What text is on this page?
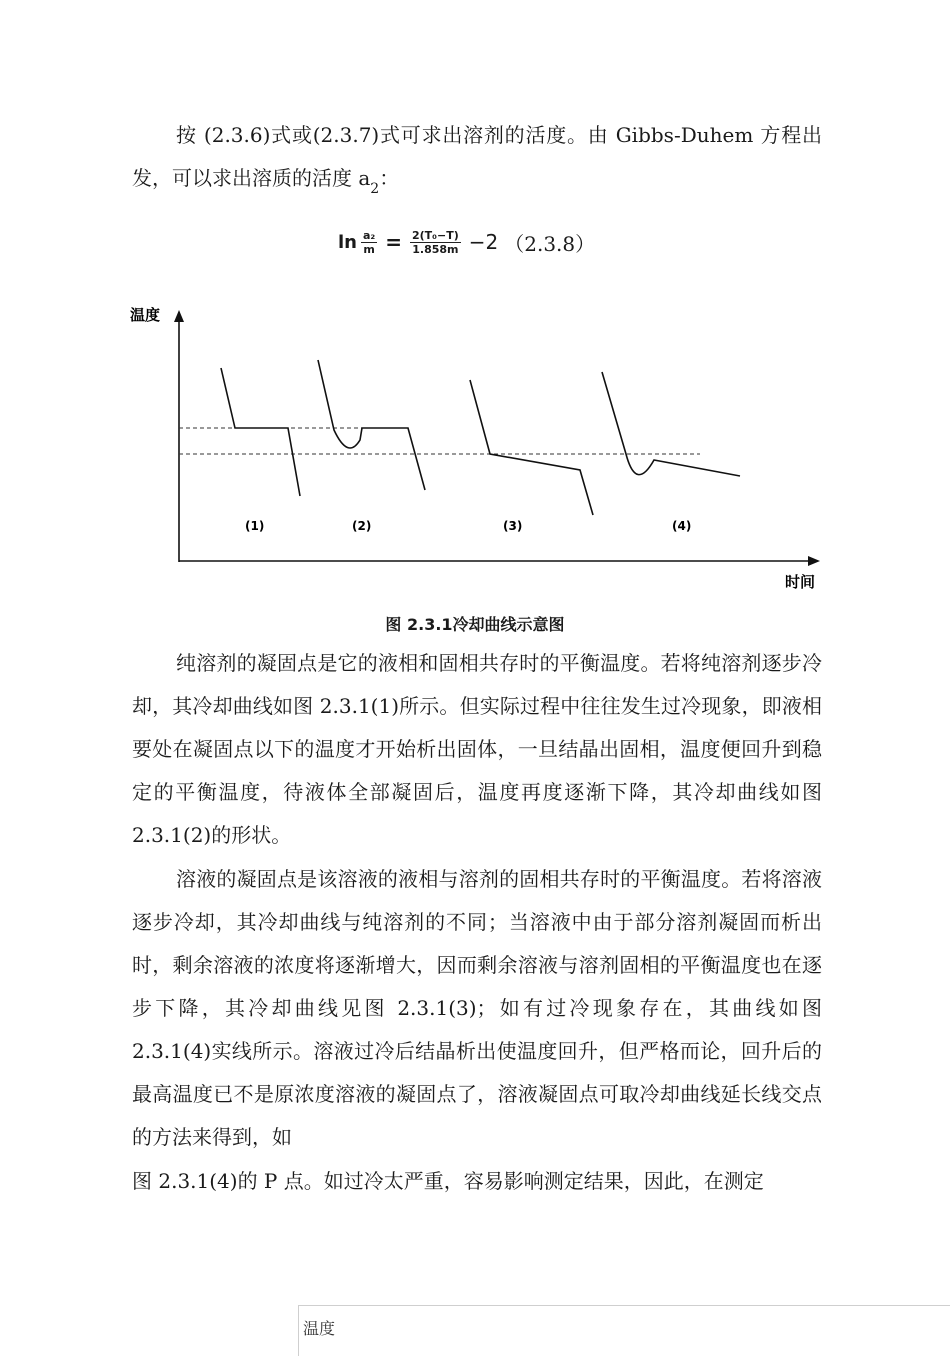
按 (2.3.6)式或(2.3.7)式可求出溶剂的活度。由 Gibbs-Duhem 方程出发，可以求出溶质的活度 $a_2$：

$\ln \frac{\text{a₂}}{m} = \frac{\text{2(T₀−T)}}{1.858m} -2$ （2.3.8）
温度
时间
(1)	(2)	(3)	(4)
图 2.3.1冷却曲线示意图

纯溶剂的凝固点是它的液相和固相共存时的平衡温度。若将纯溶剂逐步冷却，其冷却曲线如图 2.3.1(1)所示。但实际过程中往往发生过冷现象，即液相要处在凝固点以下的温度才开始析出固体，一旦结晶出固相，温度便回升到稳定的平衡温度，待液体全部凝固后，温度再度逐渐下降，其冷却曲线如图 2.3.1(2)的形状。

溶液的凝固点是该溶液的液相与溶剂的固相共存时的平衡温度。若将溶液逐步冷却，其冷却曲线与纯溶剂的不同；当溶液中由于部分溶剂凝固而析出时，剩余溶液的浓度将逐渐增大，因而剩余溶液与溶剂固相的平衡温度也在逐步下降，其冷却曲线见图 2.3.1(3)；如有过冷现象存在，其曲线如图 2.3.1(4)实线所示。溶液过冷后结晶析出使温度回升，但严格而论，回升后的最高温度已不是原浓度溶液的凝固点了，溶液凝固点可取冷却曲线延长线交点的方法来得到，如

图 2.3.1(4)的 P 点。如过冷太严重，容易影响测定结果，因此，在测定

温度
